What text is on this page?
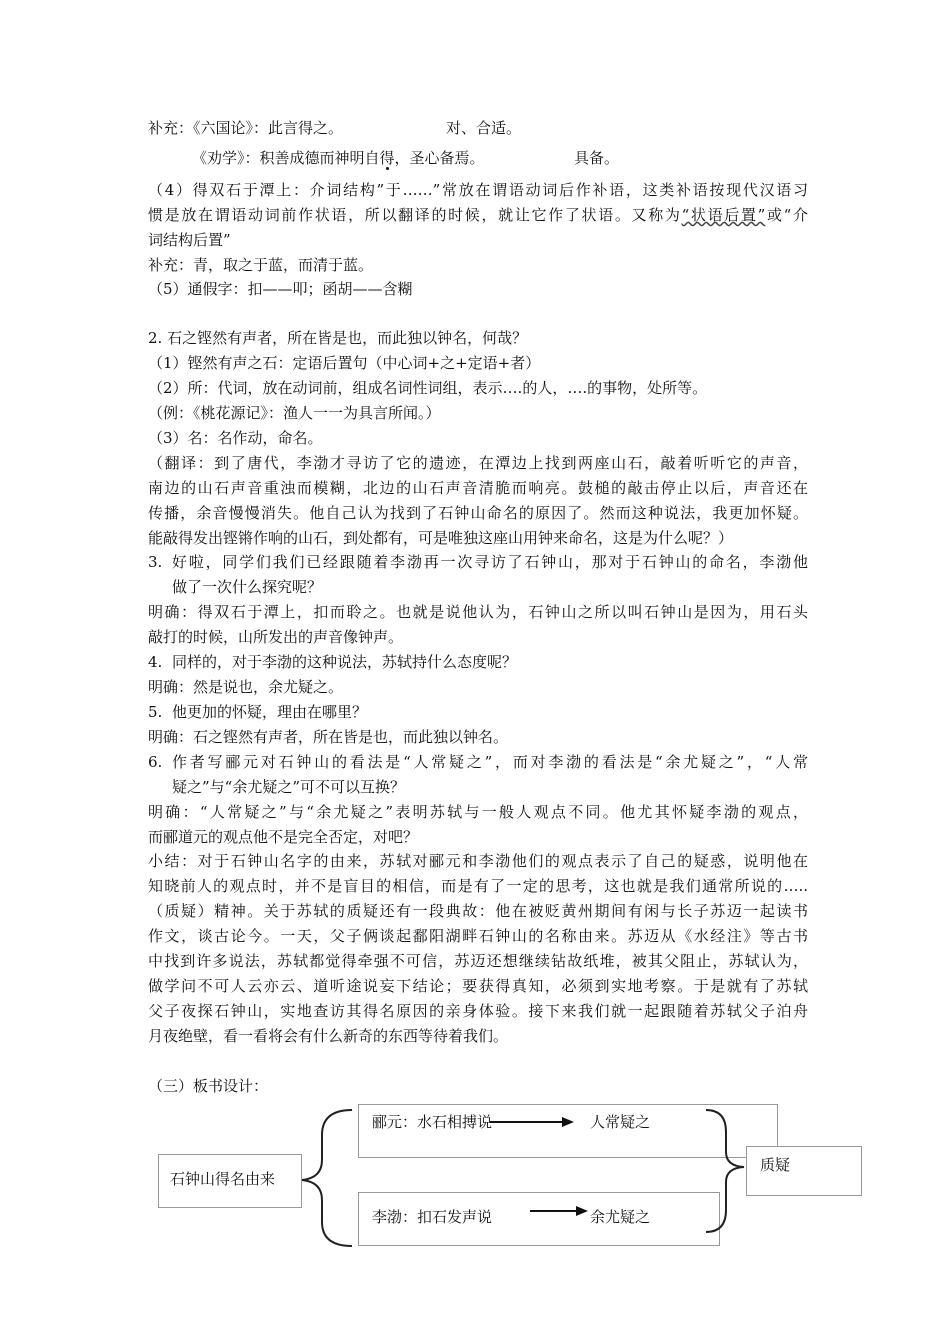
补充：《六国论》：此言得之。	对、合适。
《劝学》：积善成德而神明自得，圣心备焉。	具备。
（4）得双石于潭上：介词结构”于……”常放在谓语动词后作补语，这类补语按现代汉语习
惯是放在谓语动词前作状语，所以翻译的时候，就让它作了状语。又称为“状语后置”或“介
词结构后置”
补充：青，取之于蓝，而清于蓝。
（5）通假字：扣——叩；函胡——含糊
2. 石之铿然有声者，所在皆是也，而此独以钟名，何哉？
（1）铿然有声之石：定语后置句（中心词+之+定语+者）
（2）所：代词，放在动词前，组成名词性词组，表示….的人，….的事物，处所等。
（例：《桃花源记》：渔人一一为具言所闻。）
（3）名：名作动，命名。
（翻译：到了唐代，李渤才寻访了它的遗迹，在潭边上找到两座山石，敲着听听它的声音，
南边的山石声音重浊而模糊，北边的山石声音清脆而响亮。鼓槌的敲击停止以后，声音还在
传播，余音慢慢消失。他自己认为找到了石钟山命名的原因了。然而这种说法，我更加怀疑。
能敲得发出铿锵作响的山石，到处都有，可是唯独这座山用钟来命名，这是为什么呢？）
3. 好啦，同学们我们已经跟随着李渤再一次寻访了石钟山，那对于石钟山的命名，李渤他
做了一次什么探究呢？
明确：得双石于潭上，扣而聆之。也就是说他认为，石钟山之所以叫石钟山是因为，用石头
敲打的时候，山所发出的声音像钟声。
4. 同样的，对于李渤的这种说法，苏轼持什么态度呢？
明确：然是说也，余尤疑之。
5. 他更加的怀疑，理由在哪里？
明确：石之铿然有声者，所在皆是也，而此独以钟名。
6. 作者写郦元对石钟山的看法是“人常疑之”，而对李渤的看法是“余尤疑之”，“人常
疑之”与“余尤疑之”可不可以互换？
明确：“人常疑之”与“余尤疑之”表明苏轼与一般人观点不同。他尤其怀疑李渤的观点，
而郦道元的观点他不是完全否定，对吧？
小结：对于石钟山名字的由来，苏轼对郦元和李渤他们的观点表示了自己的疑惑，说明他在
知晓前人的观点时，并不是盲目的相信，而是有了一定的思考，这也就是我们通常所说的…..
（质疑）精神。关于苏轼的质疑还有一段典故：他在被贬黄州期间有闲与长子苏迈一起读书
作文，谈古论今。一天，父子俩谈起鄱阳湖畔石钟山的名称由来。苏迈从《水经注》等古书
中找到许多说法，苏轼都觉得牵强不可信，苏迈还想继续钻故纸堆，被其父阻止，苏轼认为，
做学问不可人云亦云、道听途说妄下结论；要获得真知，必须到实地考察。于是就有了苏轼
父子夜探石钟山，实地查访其得名原因的亲身体验。接下来我们就一起跟随着苏轼父子泊舟
月夜绝壁，看一看将会有什么新奇的东西等待着我们。
（三）板书设计：
郦元：水石相搏说	人常疑之
石钟山得名由来
质疑
李渤：扣石发声说	余尤疑之
